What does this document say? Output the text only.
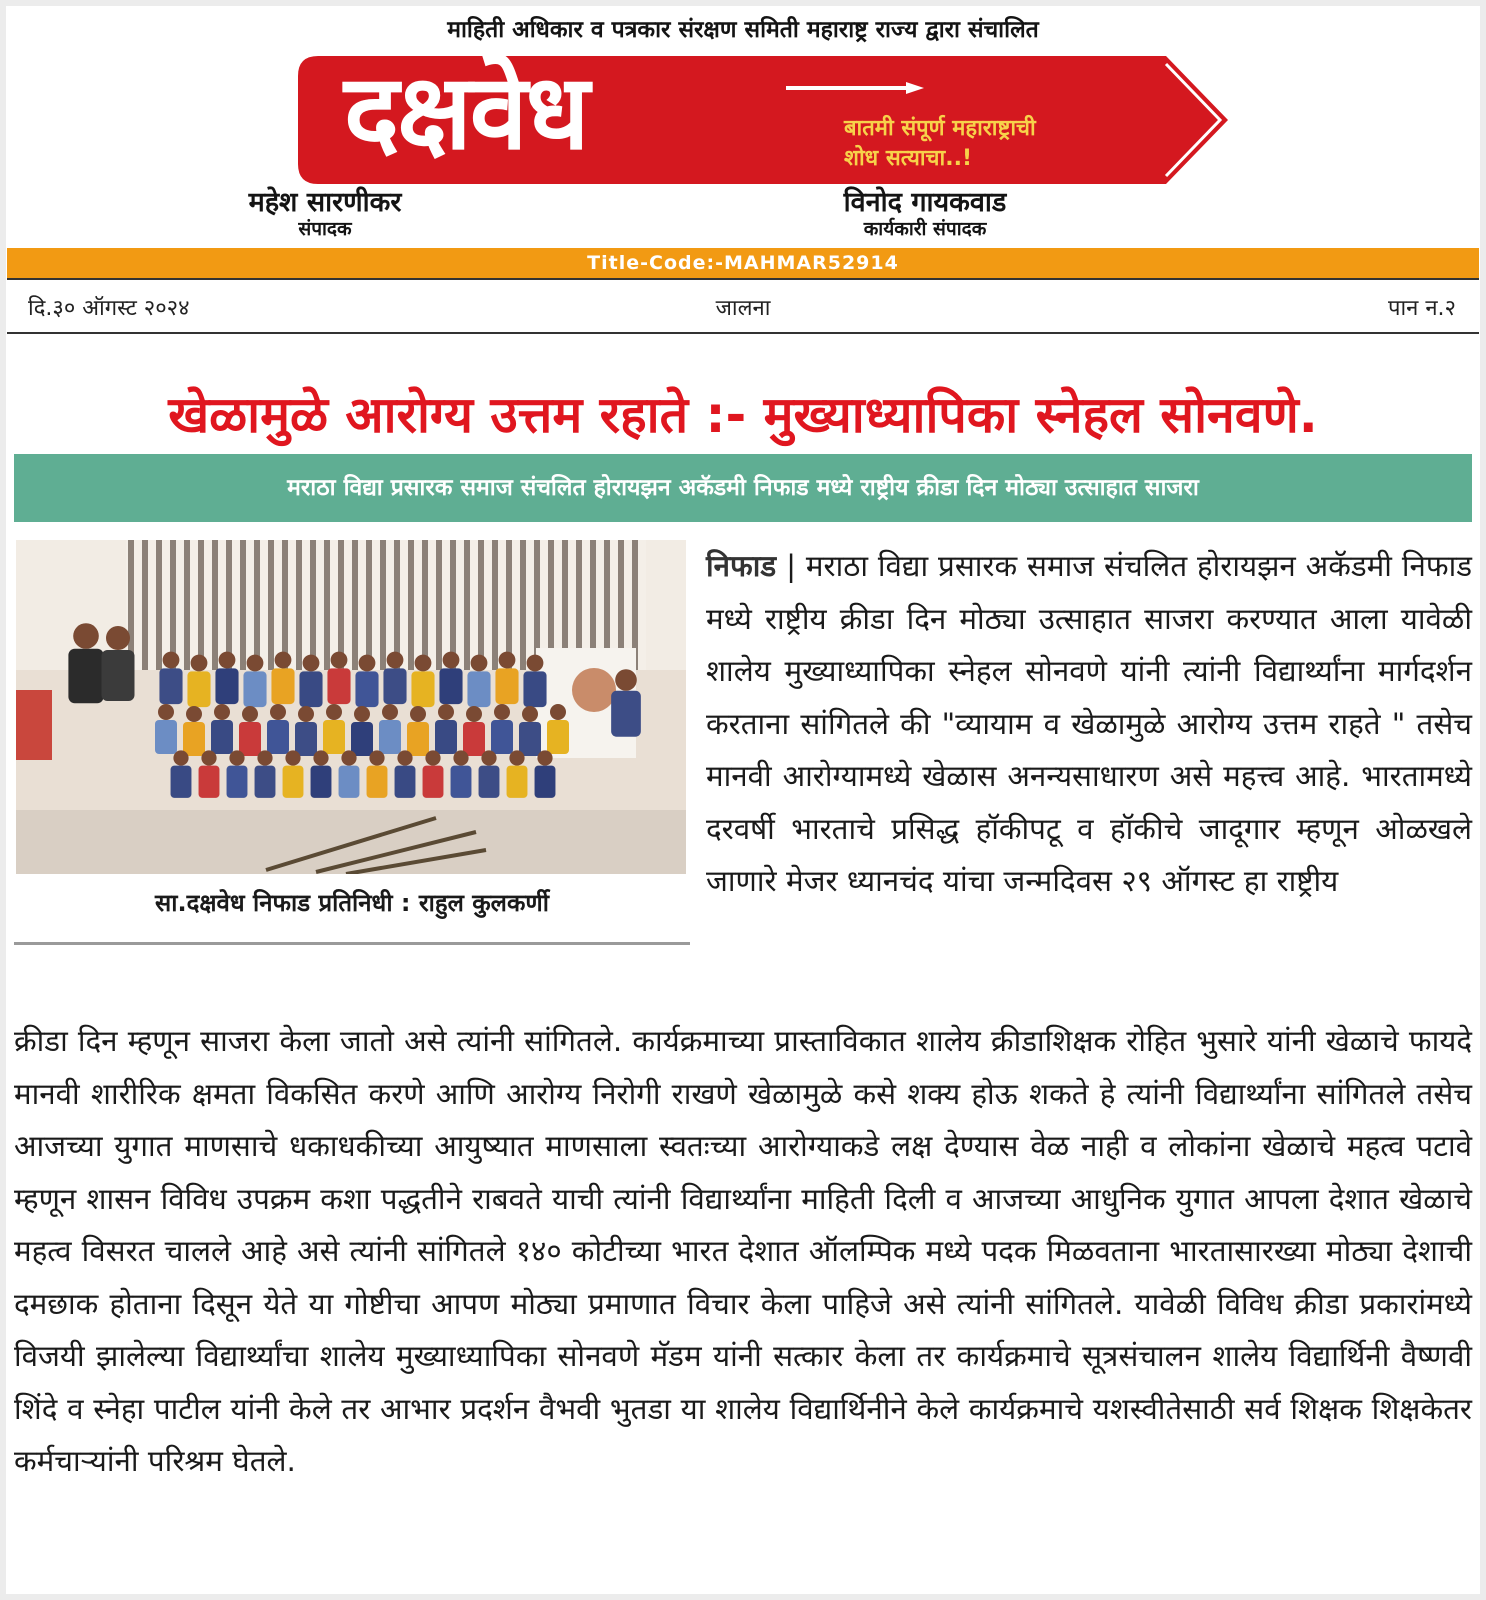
माहिती अधिकार व पत्रकार संरक्षण समिती महाराष्ट्र राज्य द्वारा संचालित
दक्षवेध	बातमी संपूर्ण महाराष्ट्राची
शोध सत्याचा..!
महेश सारणीकर
संपादक
विनोद गायकवाड
कार्यकारी संपादक
Title-Code:-MAHMAR52914
दि.३० ऑगस्ट २०२४	जालना	पान न.२
खेळामुळे आरोग्य उत्तम रहाते :- मुख्याध्यापिका स्नेहल सोनवणे.
मराठा विद्या प्रसारक समाज संचलित होरायझन अकॅडमी निफाड मध्ये राष्ट्रीय क्रीडा दिन मोठ्या उत्साहात साजरा
सा.दक्षवेध निफाड प्रतिनिधी : राहुल कुलकर्णी
निफाड | मराठा विद्या प्रसारक समाज संचलित होरायझन अकॅडमी निफाड मध्ये राष्ट्रीय क्रीडा दिन मोठ्या उत्साहात साजरा करण्यात आला यावेळी शालेय मुख्याध्यापिका स्नेहल सोनवणे यांनी त्यांनी विद्यार्थ्यांना मार्गदर्शन करताना सांगितले की "व्यायाम व खेळामुळे आरोग्य उत्तम राहते " तसेच मानवी आरोग्यामध्ये खेळास अनन्यसाधारण असे महत्त्व आहे. भारतामध्ये दरवर्षी भारताचे प्रसिद्ध हॉकीपटू व हॉकीचे जादूगार म्हणून ओळखले जाणारे मेजर ध्यानचंद यांचा जन्मदिवस २९ ऑगस्ट हा राष्ट्रीय
क्रीडा दिन म्हणून साजरा केला जातो असे त्यांनी सांगितले. कार्यक्रमाच्या प्रास्ताविकात शालेय क्रीडाशिक्षक रोहित भुसारे यांनी खेळाचे फायदे मानवी शारीरिक क्षमता विकसित करणे आणि आरोग्य निरोगी राखणे खेळामुळे कसे शक्य होऊ शकते हे त्यांनी विद्यार्थ्यांना सांगितले तसेच आजच्या युगात माणसाचे धकाधकीच्या आयुष्यात माणसाला स्वतःच्या आरोग्याकडे लक्ष देण्यास वेळ नाही व लोकांना खेळाचे महत्व पटावे म्हणून शासन विविध उपक्रम कशा पद्धतीने राबवते याची त्यांनी विद्यार्थ्यांना माहिती दिली व आजच्या आधुनिक युगात आपला देशात खेळाचे महत्व विसरत चालले आहे असे त्यांनी सांगितले १४० कोटीच्या भारत देशात ऑलम्पिक मध्ये पदक मिळवताना भारतासारख्या मोठ्या देशाची दमछाक होताना दिसून येते या गोष्टीचा आपण मोठ्या प्रमाणात विचार केला पाहिजे असे त्यांनी सांगितले. यावेळी विविध क्रीडा प्रकारांमध्ये विजयी झालेल्या विद्यार्थ्यांचा शालेय मुख्याध्यापिका सोनवणे मॅडम यांनी सत्कार केला तर कार्यक्रमाचे सूत्रसंचालन शालेय विद्यार्थिनी वैष्णवी शिंदे व स्नेहा पाटील यांनी केले तर आभार प्रदर्शन वैभवी भुतडा या शालेय विद्यार्थिनीने केले कार्यक्रमाचे यशस्वीतेसाठी सर्व शिक्षक शिक्षकेतर कर्मचाऱ्यांनी परिश्रम घेतले.
